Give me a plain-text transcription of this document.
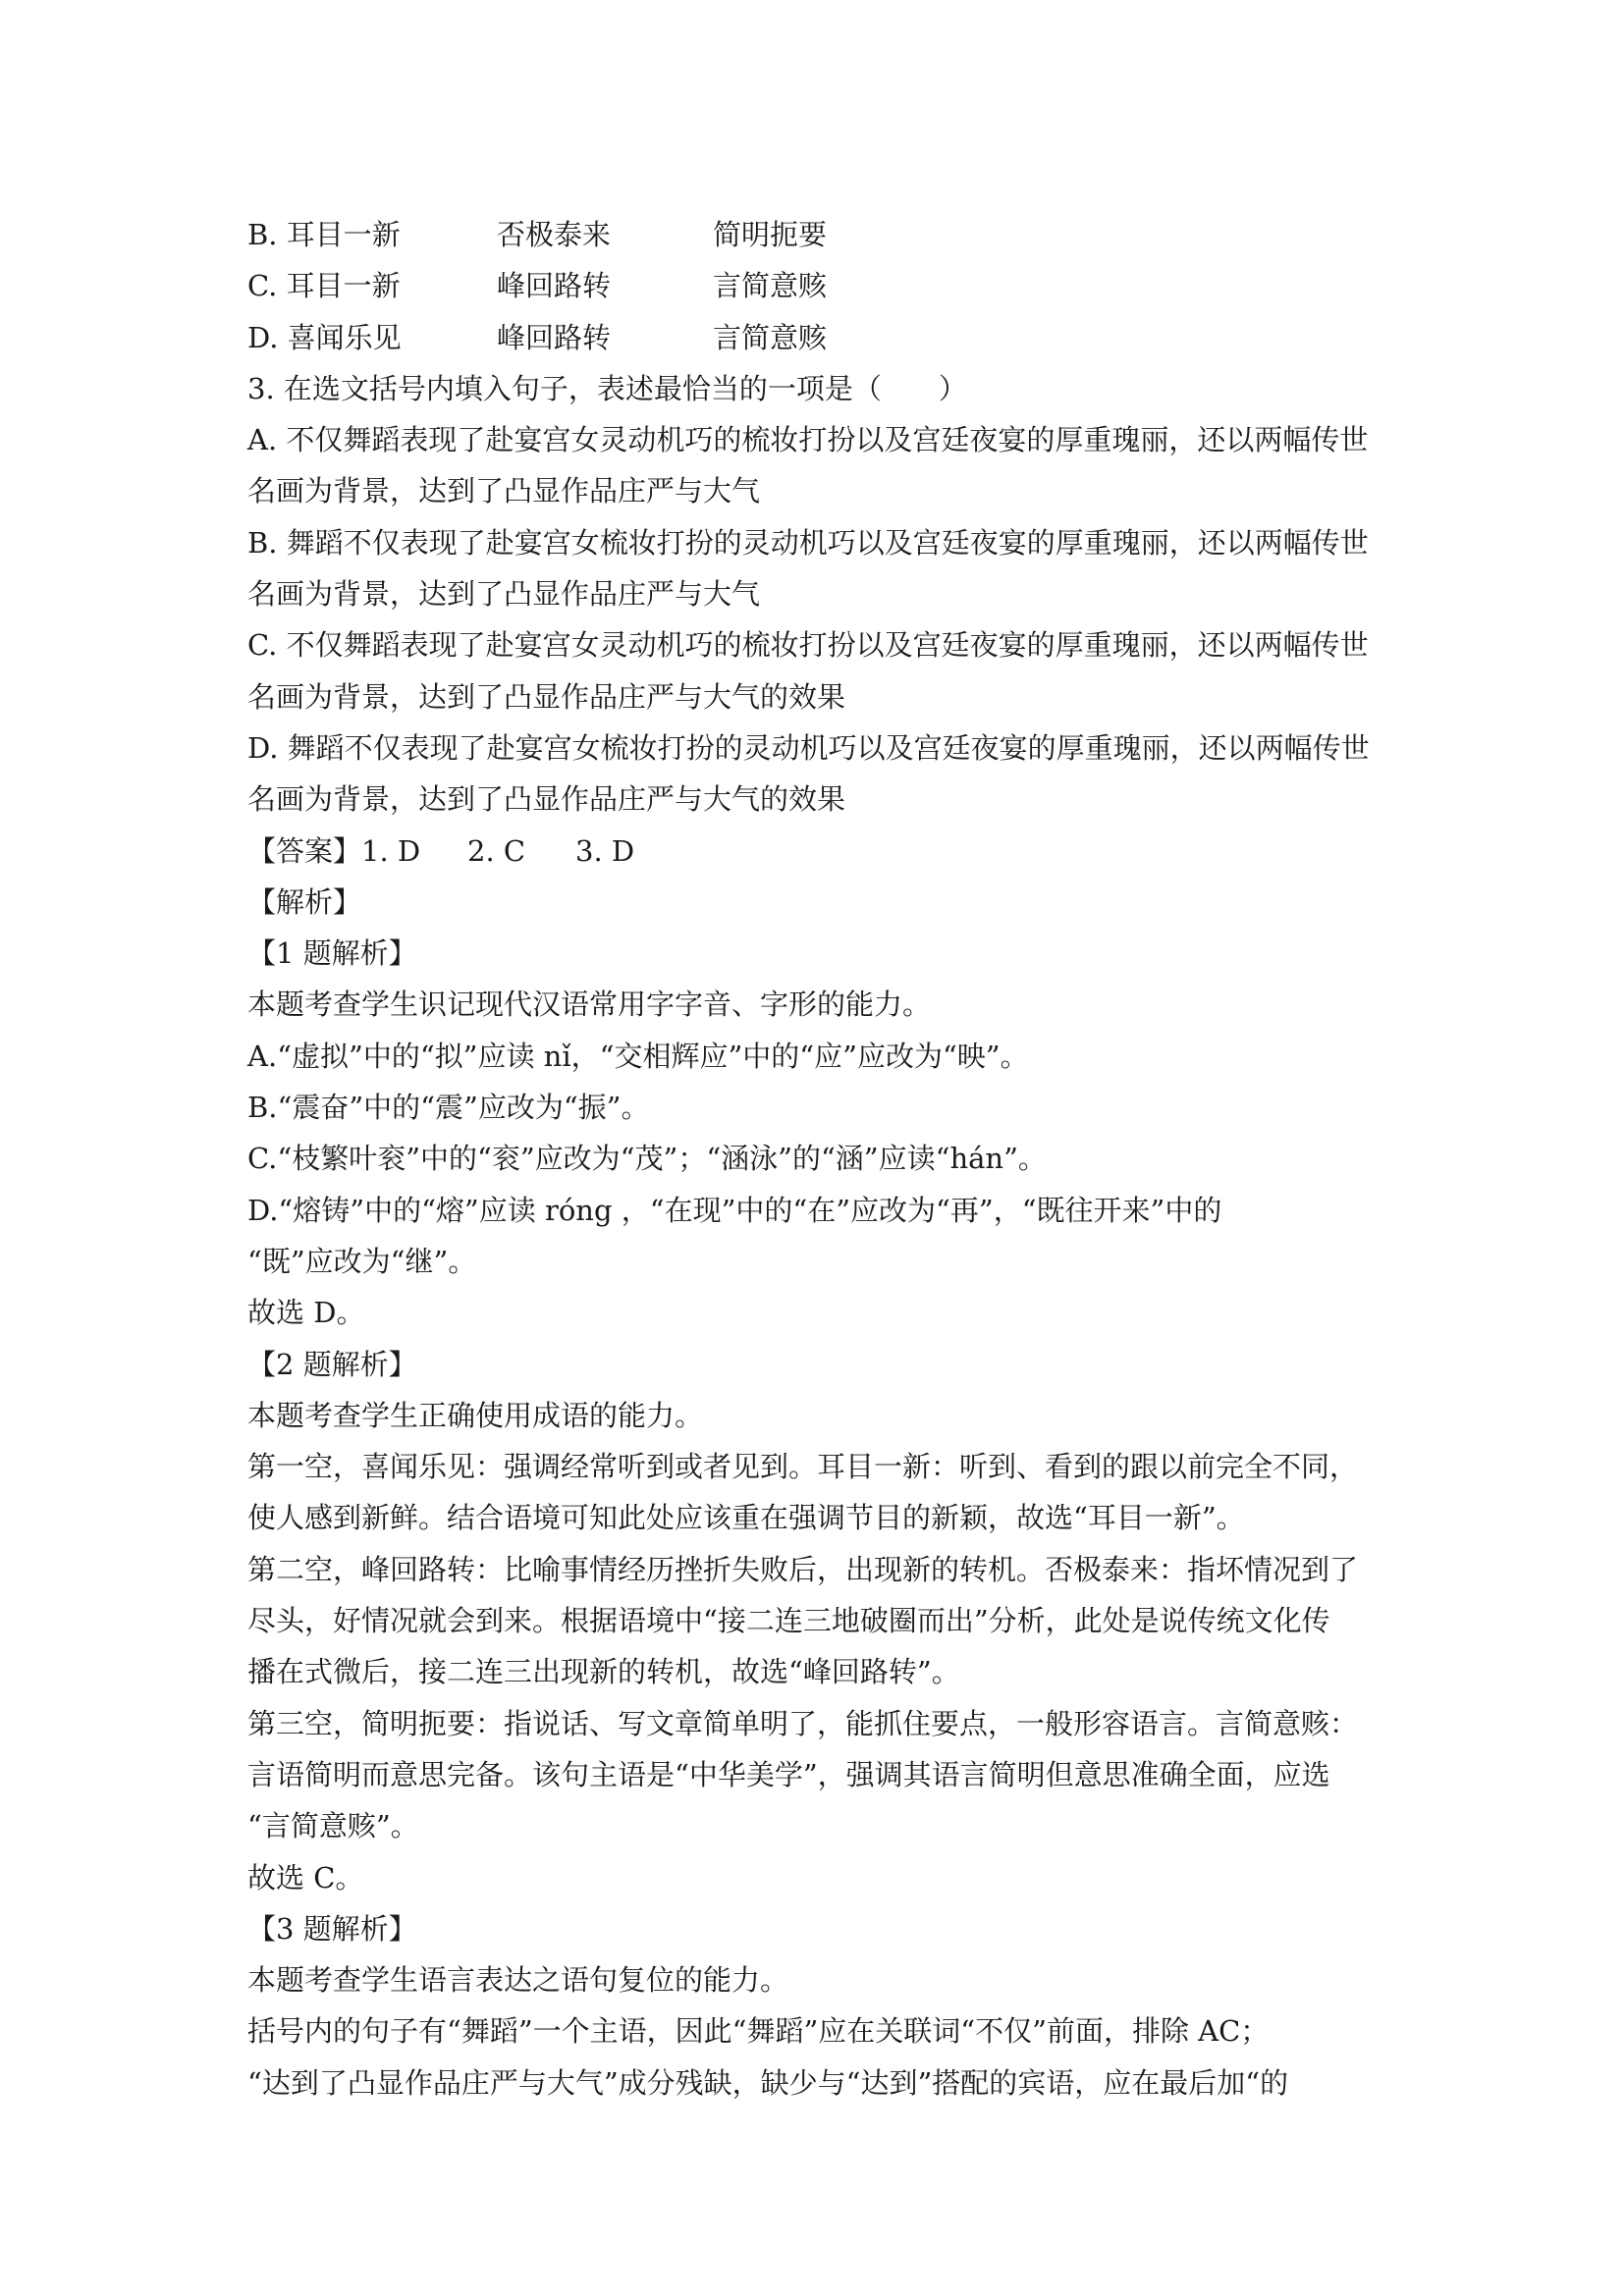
B. 耳目一新	否极泰来	简明扼要
C. 耳目一新	峰回路转	言简意赅
D. 喜闻乐见	峰回路转	言简意赅
3. 在选文括号内填入句子，表述最恰当的一项是（　　）
A. 不仅舞蹈表现了赴宴宫女灵动机巧的梳妆打扮以及宫廷夜宴的厚重瑰丽，还以两幅传世
名画为背景，达到了凸显作品庄严与大气
B. 舞蹈不仅表现了赴宴宫女梳妆打扮的灵动机巧以及宫廷夜宴的厚重瑰丽，还以两幅传世
名画为背景，达到了凸显作品庄严与大气
C. 不仅舞蹈表现了赴宴宫女灵动机巧的梳妆打扮以及宫廷夜宴的厚重瑰丽，还以两幅传世
名画为背景，达到了凸显作品庄严与大气的效果
D. 舞蹈不仅表现了赴宴宫女梳妆打扮的灵动机巧以及宫廷夜宴的厚重瑰丽，还以两幅传世
名画为背景，达到了凸显作品庄严与大气的效果
【答案】1. D 2. C 3. D
【解析】
【1 题解析】
本题考查学生识记现代汉语常用字字音、字形的能力。
A.“虚拟”中的“拟”应读 nǐ，“交相辉应”中的“应”应改为“映”。
B.“震奋”中的“震”应改为“振”。
C.“枝繁叶衮”中的“衮”应改为“茂”；“涵泳”的“涵”应读“hán”。
D.“熔铸”中的“熔”应读 róng ，“在现”中的“在”应改为“再”，“既往开来”中的
“既”应改为“继”。
故选 D。
【2 题解析】
本题考查学生正确使用成语的能力。
第一空，喜闻乐见：强调经常听到或者见到。耳目一新：听到、看到的跟以前完全不同，
使人感到新鲜。结合语境可知此处应该重在强调节目的新颖，故选“耳目一新”。
第二空，峰回路转：比喻事情经历挫折失败后，出现新的转机。否极泰来：指坏情况到了
尽头，好情况就会到来。根据语境中“接二连三地破圈而出”分析，此处是说传统文化传
播在式微后，接二连三出现新的转机，故选“峰回路转”。
第三空，简明扼要：指说话、写文章简单明了，能抓住要点，一般形容语言。言简意赅：
言语简明而意思完备。该句主语是“中华美学”，强调其语言简明但意思准确全面，应选
“言简意赅”。
故选 C。
【3 题解析】
本题考查学生语言表达之语句复位的能力。
括号内的句子有“舞蹈”一个主语，因此“舞蹈”应在关联词“不仅”前面，排除 AC；
“达到了凸显作品庄严与大气”成分残缺，缺少与“达到”搭配的宾语，应在最后加“的
